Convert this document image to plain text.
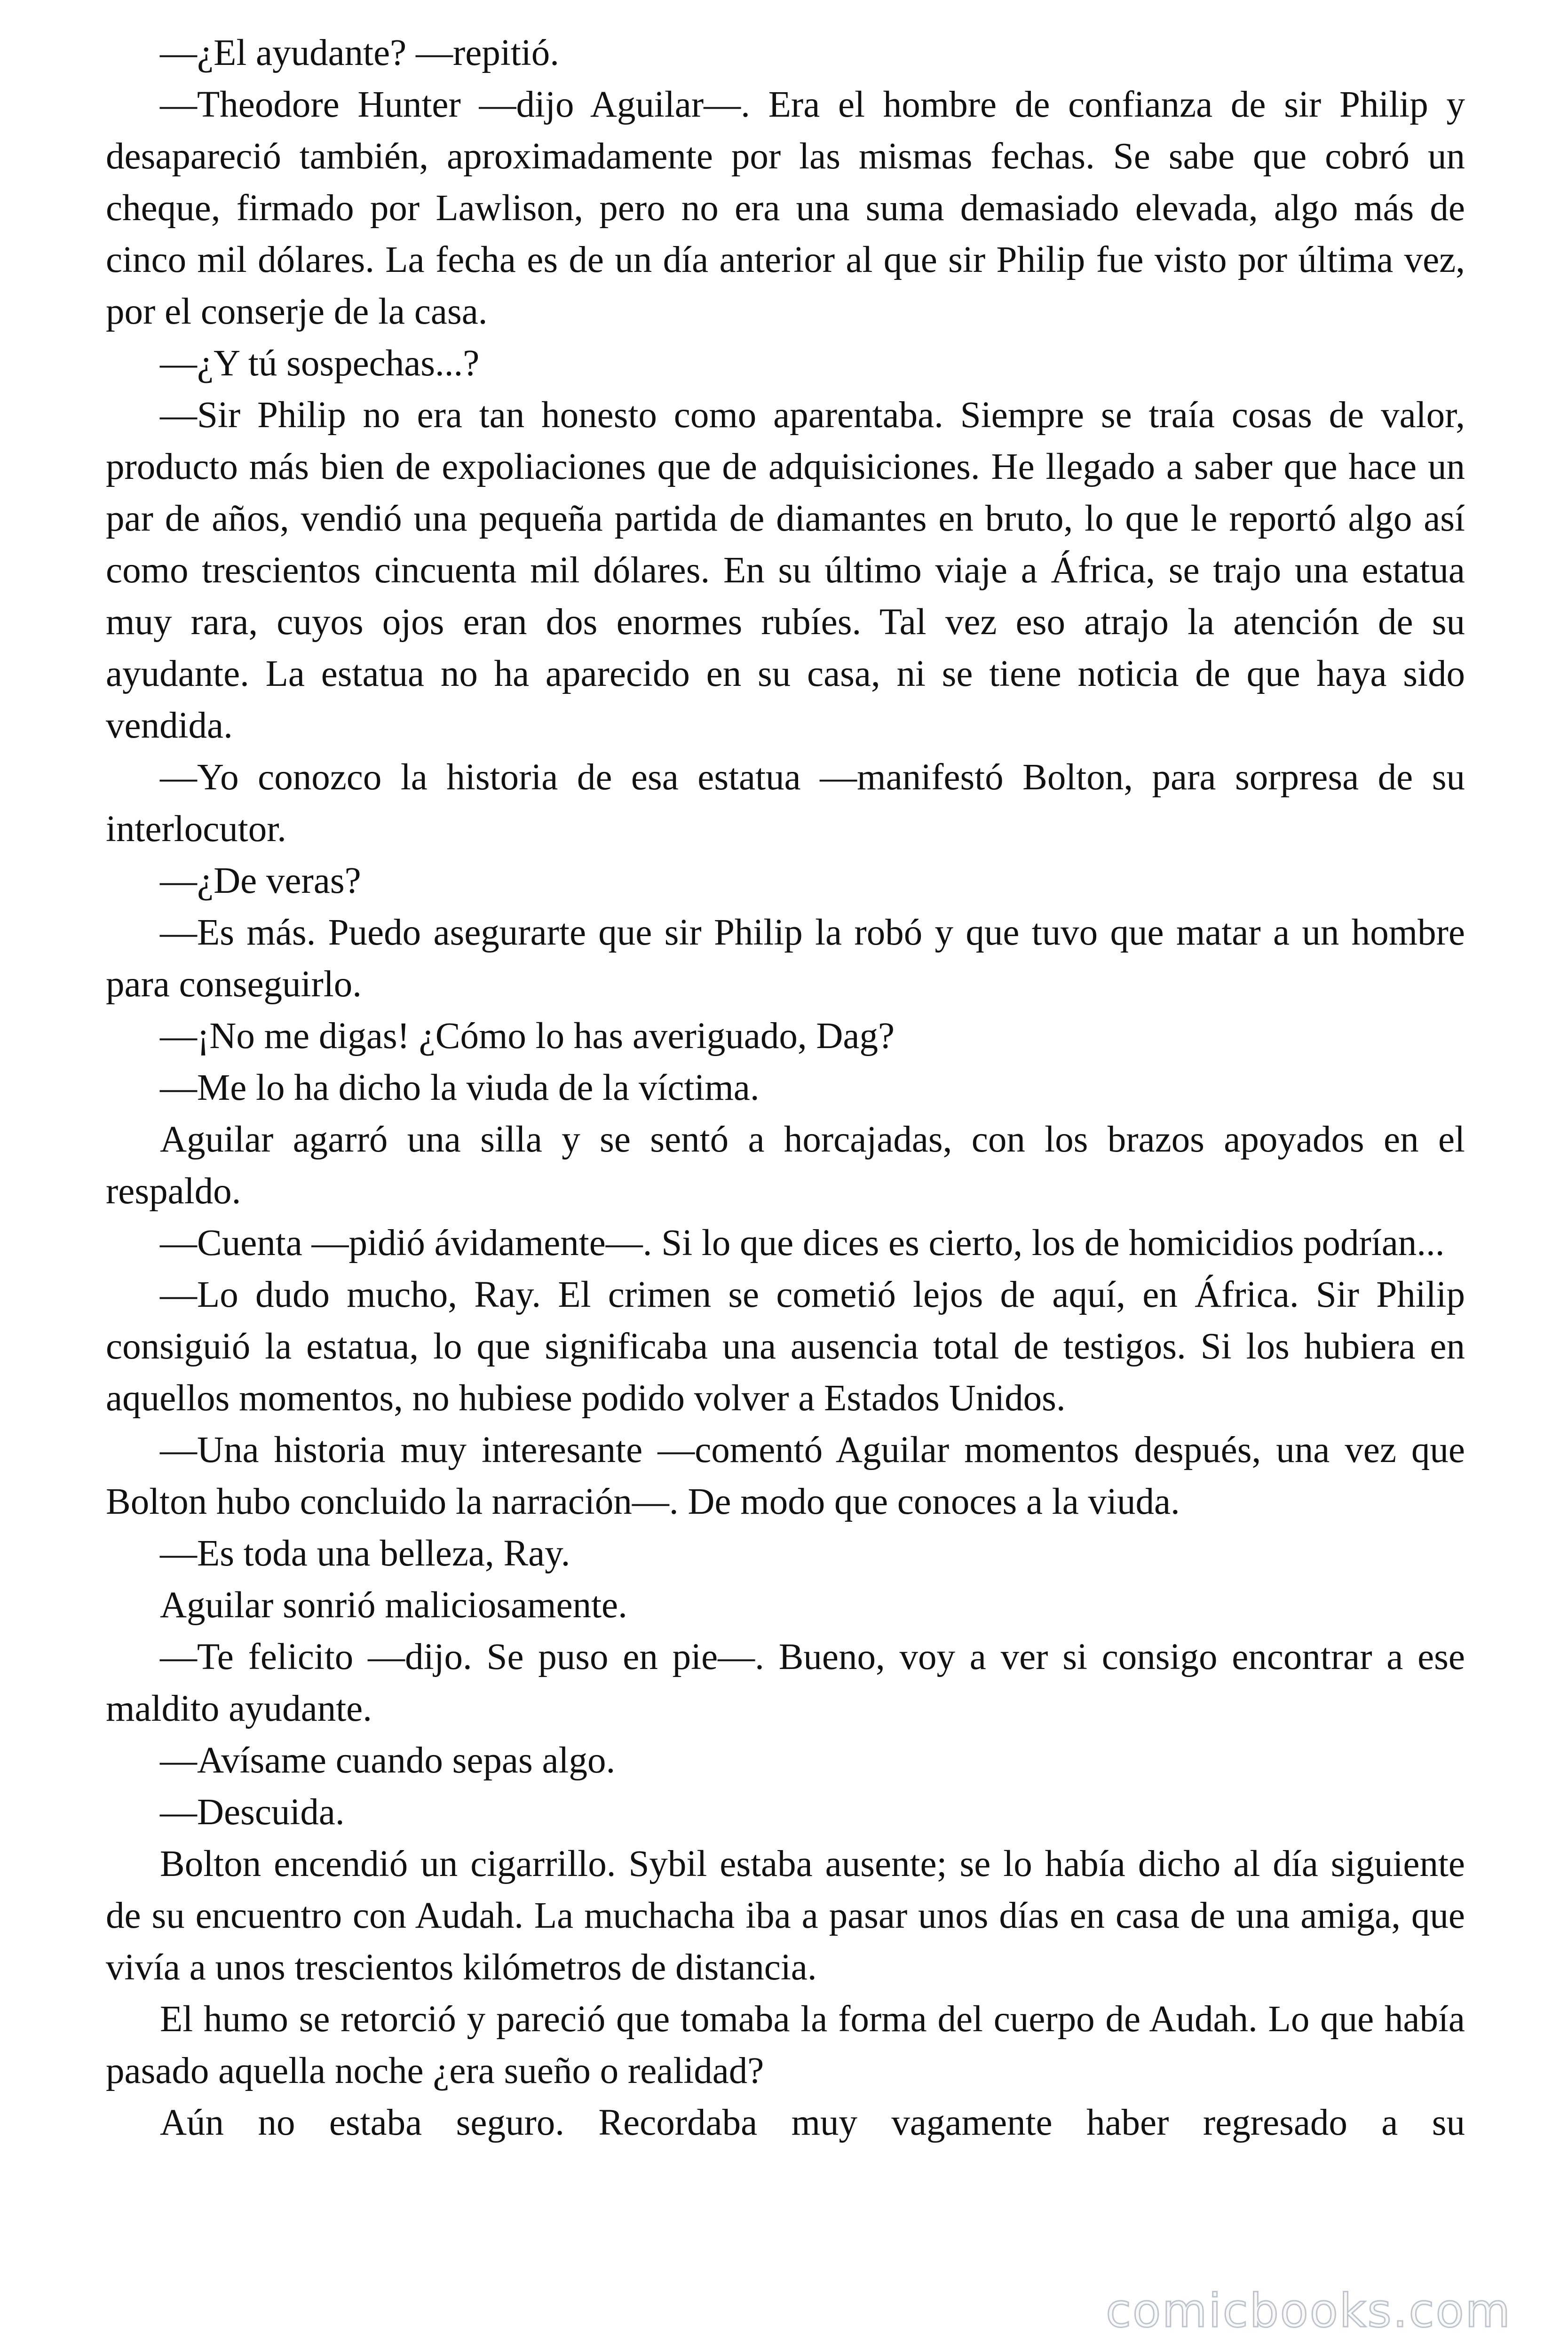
—¿El ayudante? —repitió.

—Theodore Hunter —dijo Aguilar—. Era el hombre de confianza de sir Philip y desapareció también, aproximadamente por las mismas fechas. Se sabe que cobró un cheque, firmado por Lawlison, pero no era una suma demasiado elevada, algo más de cinco mil dólares. La fecha es de un día anterior al que sir Philip fue visto por última vez, por el conserje de la casa.

—¿Y tú sospechas...?

—Sir Philip no era tan honesto como aparentaba. Siempre se traía cosas de valor, producto más bien de expoliaciones que de adquisiciones. He llegado a saber que hace un par de años, vendió una pequeña partida de diamantes en bruto, lo que le reportó algo así como trescientos cincuenta mil dólares. En su último viaje a África, se trajo una estatua muy rara, cuyos ojos eran dos enormes rubíes. Tal vez eso atrajo la atención de su ayudante. La estatua no ha aparecido en su casa, ni se tiene noticia de que haya sido vendida.

—Yo conozco la historia de esa estatua —manifestó Bolton, para sorpresa de su interlocutor.

—¿De veras?

—Es más. Puedo asegurarte que sir Philip la robó y que tuvo que matar a un hombre para conseguirlo.

—¡No me digas! ¿Cómo lo has averiguado, Dag?

—Me lo ha dicho la viuda de la víctima.

Aguilar agarró una silla y se sentó a horcajadas, con los brazos apoyados en el respaldo.

—Cuenta —pidió ávidamente—. Si lo que dices es cierto, los de homicidios podrían...

—Lo dudo mucho, Ray. El crimen se cometió lejos de aquí, en África. Sir Philip consiguió la estatua, lo que significaba una ausencia total de testigos. Si los hubiera en aquellos momentos, no hubiese podido volver a Estados Unidos.

—Una historia muy interesante —comentó Aguilar momentos después, una vez que Bolton hubo concluido la narración—. De modo que conoces a la viuda.

—Es toda una belleza, Ray.

Aguilar sonrió maliciosamente.

—Te felicito —dijo. Se puso en pie—. Bueno, voy a ver si consigo encontrar a ese maldito ayudante.

—Avísame cuando sepas algo.

—Descuida.

Bolton encendió un cigarrillo. Sybil estaba ausente; se lo había dicho al día siguiente de su encuentro con Audah. La muchacha iba a pasar unos días en casa de una amiga, que vivía a unos trescientos kilómetros de distancia.

El humo se retorció y pareció que tomaba la forma del cuerpo de Audah. Lo que había pasado aquella noche ¿era sueño o realidad?

Aún no estaba seguro. Recordaba muy vagamente haber regresado a su

comicbooks.com
